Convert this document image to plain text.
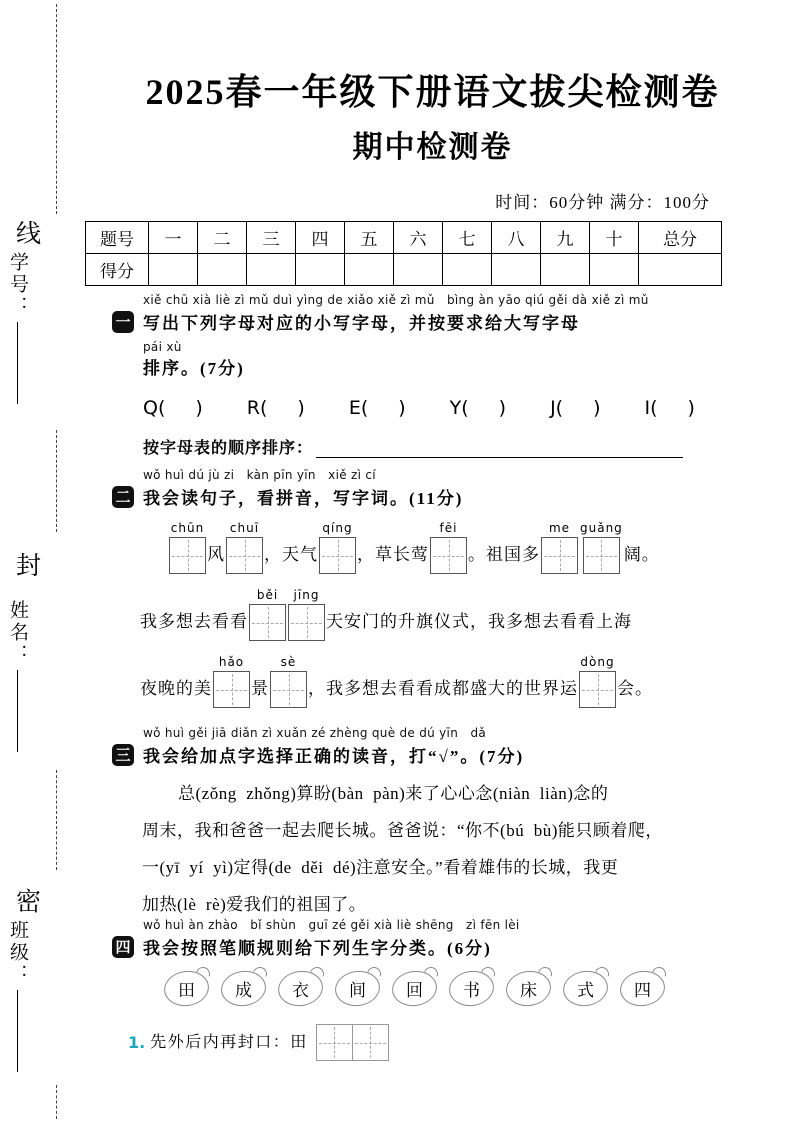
线
封
密
学号：
姓名：
班级：
2025春一年级下册语文拔尖检测卷
期中检测卷
时间：60分钟 满分：100分
题号	一	二	三	四	五	六	七	八	九	十	总分
得分											
xiě chū xià liè zì mǔ duì yìng de xiǎo xiě zì mǔ   bìng àn yāo qiú gěi dà xiě zì mǔ
一 写出下列字母对应的小写字母，并按要求给大写字母
pái xù
排序。(7分)
Q( ) R( ) E( ) Y( ) J( ) I( )
按字母表的顺序排序：
wǒ huì dú jù zi   kàn pīn yīn   xiě zì cí
二 我会读句子，看拼音，写字词。(11分)
chūn
风
chuī
，天气
qíng
，草长莺
fēi
。祖国多
me guǎng
阔。
我多想去看看
běi jīng
天安门的升旗仪式，我多想去看看上海
夜晚的美
hǎo
景
sè
，我多想去看看成都盛大的世界运
dòng
会。
wǒ huì gěi jiā diǎn zì xuǎn zé zhèng què de dú yīn   dǎ
三 我会给加点字选择正确的读音，打“√”。(7分)
总(zǒng  zhǒng)算盼(bàn  pàn)来了心心念(niàn  liàn)念的
周末，我和爸爸一起去爬长城。爸爸说：“你不(bú  bù)能只顾着爬，
一(yī  yí  yì)定得(de  děi  dé)注意安全。”看着雄伟的长城，我更
加热(lè  rè)爱我们的祖国了。
wǒ huì àn zhào   bǐ shùn   guī zé gěi xià liè shēng   zì fēn lèi
四 我会按照笔顺规则给下列生字分类。(6分)
田 成 衣 间 回 书 床 式 四
1. 先外后内再封口：田
